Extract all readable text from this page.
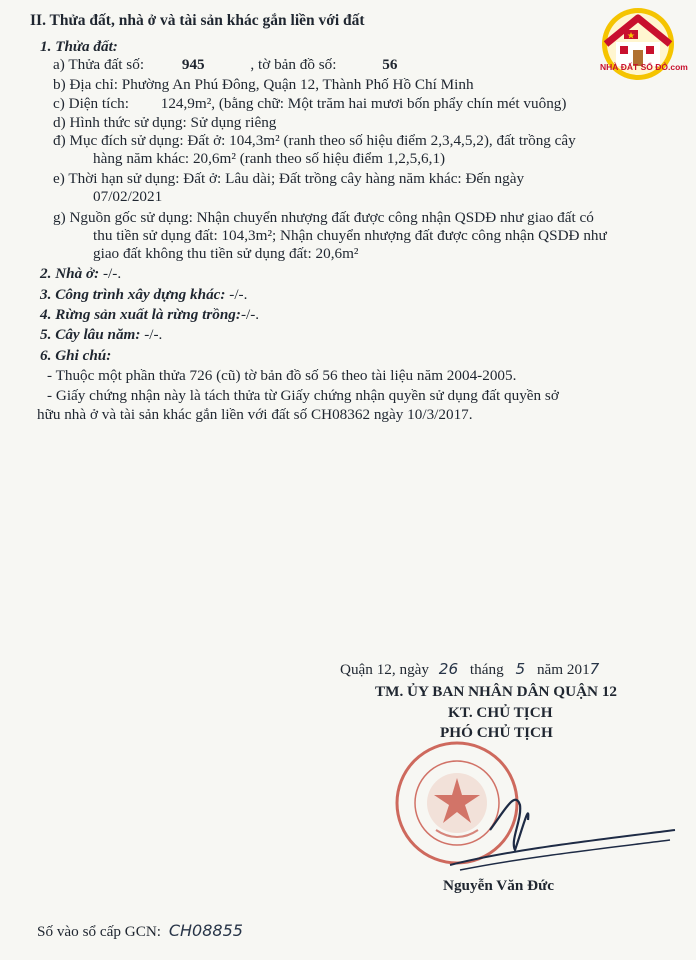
NHÀ ĐẤT SỔ ĐỎ.com
II. Thửa đất, nhà ở và tài sản khác gắn liền với đất
1. Thửa đất:
a) Thửa đất số: 945	, tờ bản đồ số:	56
b) Địa chỉ: Phường An Phú Đông, Quận 12, Thành Phố Hồ Chí Minh
c) Diện tích: 124,9m², (bằng chữ: Một trăm hai mươi bốn phẩy chín mét vuông)
d) Hình thức sử dụng: Sử dụng riêng
đ) Mục đích sử dụng: Đất ở: 104,3m² (ranh theo số hiệu điểm 2,3,4,5,2), đất trồng cây
hàng năm khác: 20,6m² (ranh theo số hiệu điểm 1,2,5,6,1)
e) Thời hạn sử dụng: Đất ở: Lâu dài; Đất trồng cây hàng năm khác: Đến ngày
07/02/2021
g) Nguồn gốc sử dụng: Nhận chuyển nhượng đất được công nhận QSDĐ như giao đất có
thu tiền sử dụng đất: 104,3m²; Nhận chuyển nhượng đất được công nhận QSDĐ như
giao đất không thu tiền sử dụng đất: 20,6m²
2. Nhà ở: -/-.
3. Công trình xây dựng khác: -/-.
4. Rừng sản xuất là rừng trồng:-/-.
5. Cây lâu năm: -/-.
6. Ghi chú:
- Thuộc một phần thửa 726 (cũ) tờ bản đồ số 56 theo tài liệu năm 2004-2005.
- Giấy chứng nhận này là tách thửa từ Giấy chứng nhận quyền sử dụng đất quyền sở
hữu nhà ở và tài sản khác gắn liền với đất số CH08362 ngày 10/3/2017.
Quận 12, ngày 26 tháng 5 năm 2017
TM. ỦY BAN NHÂN DÂN QUẬN 12
KT. CHỦ TỊCH
PHÓ CHỦ TỊCH
Nguyễn Văn Đức
Số vào sổ cấp GCN: CH08855
